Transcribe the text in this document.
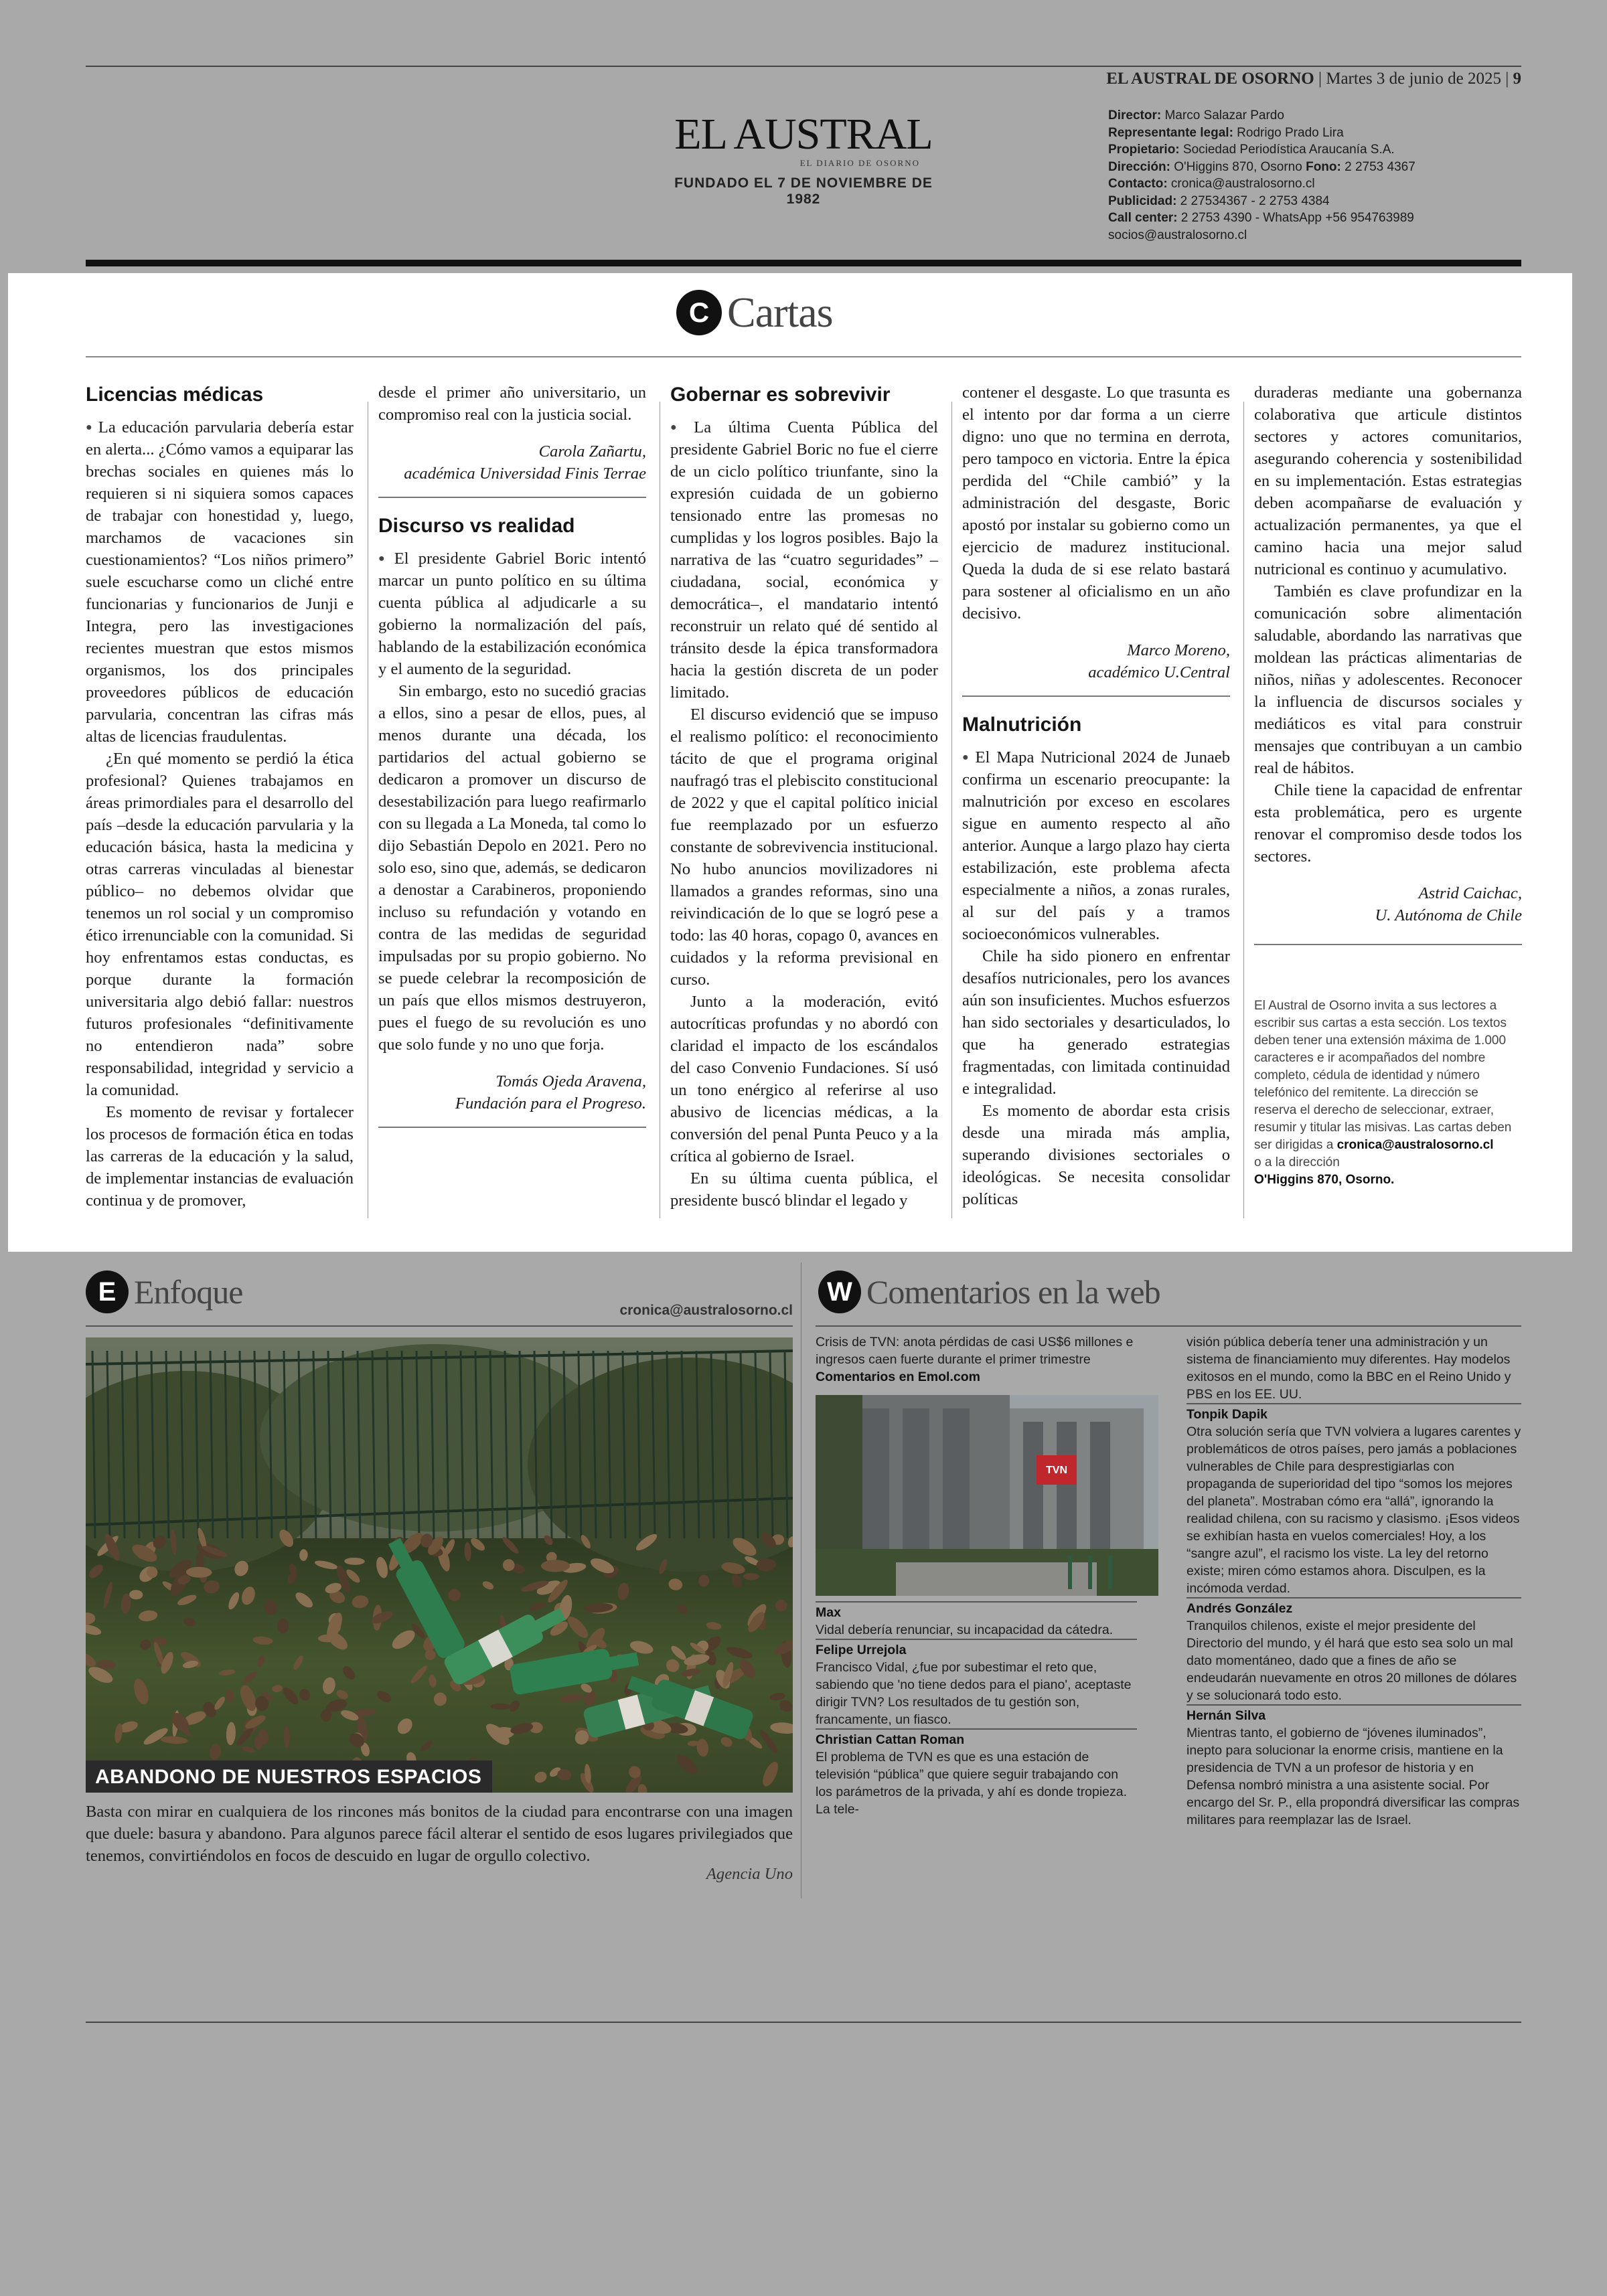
EL AUSTRAL DE OSORNO | Martes 3 de junio de 2025 | 9
EL AUSTRAL
EL DIARIO DE OSORNO
FUNDADO EL 7 DE NOVIEMBRE DE 1982
Director: Marco Salazar Pardo
Representante legal: Rodrigo Prado Lira
Propietario: Sociedad Periodística Araucanía S.A.
Dirección: O'Higgins 870, Osorno Fono: 2 2753 4367
Contacto: cronica@australosorno.cl
Publicidad: 2 27534367 - 2 2753 4384
Call center: 2 2753 4390 - WhatsApp +56 954763989
socios@australosorno.cl
C Cartas
Licencias médicas

● La educación parvularia debería estar en alerta... ¿Cómo vamos a equiparar las brechas sociales en quienes más lo requieren si ni siquiera somos capaces de trabajar con honestidad y, luego, marchamos de vacaciones sin cuestionamientos? “Los niños primero” suele escucharse como un cliché entre funcionarias y funcionarios de Junji e Integra, pero las investigaciones recientes muestran que estos mismos organismos, los dos principales proveedores públicos de educación parvularia, concentran las cifras más altas de licencias fraudulentas.

¿En qué momento se perdió la ética profesional? Quienes trabajamos en áreas primordiales para el desarrollo del país –desde la educación parvularia y la educación básica, hasta la medicina y otras carreras vinculadas al bienestar público– no debemos olvidar que tenemos un rol social y un compromiso ético irrenunciable con la comunidad. Si hoy enfrentamos estas conductas, es porque durante la formación universitaria algo debió fallar: nuestros futuros profesionales “definitivamente no entendieron nada” sobre responsabilidad, integridad y servicio a la comunidad.

Es momento de revisar y fortalecer los procesos de formación ética en todas las carreras de la educación y la salud, de implementar instancias de evaluación continua y de promover,

desde el primer año universitario, un compromiso real con la justicia social.

Carola Zañartu,
académica Universidad Finis Terrae
Discurso vs realidad

● El presidente Gabriel Boric intentó marcar un punto político en su última cuenta pública al adjudicarle a su gobierno la normalización del país, hablando de la estabilización económica y el aumento de la seguridad.

Sin embargo, esto no sucedió gracias a ellos, sino a pesar de ellos, pues, al menos durante una década, los partidarios del actual gobierno se dedicaron a promover un discurso de desestabilización para luego reafirmarlo con su llegada a La Moneda, tal como lo dijo Sebastián Depolo en 2021. Pero no solo eso, sino que, además, se dedicaron a denostar a Carabineros, proponiendo incluso su refundación y votando en contra de las medidas de seguridad impulsadas por su propio gobierno. No se puede celebrar la recomposición de un país que ellos mismos destruyeron, pues el fuego de su revolución es uno que solo funde y no uno que forja.

Tomás Ojeda Aravena,
Fundación para el Progreso.
Gobernar es sobrevivir

● La última Cuenta Pública del presidente Gabriel Boric no fue el cierre de un ciclo político triunfante, sino la expresión cuidada de un gobierno tensionado entre las promesas no cumplidas y los logros posibles. Bajo la narrativa de las “cuatro seguridades” –ciudadana, social, económica y democrática–, el mandatario intentó reconstruir un relato qué dé sentido al tránsito desde la épica transformadora hacia la gestión discreta de un poder limitado.

El discurso evidenció que se impuso el realismo político: el reconocimiento tácito de que el programa original naufragó tras el plebiscito constitucional de 2022 y que el capital político inicial fue reemplazado por un esfuerzo constante de sobrevivencia institucional. No hubo anuncios movilizadores ni llamados a grandes reformas, sino una reivindicación de lo que se logró pese a todo: las 40 horas, copago 0, avances en cuidados y la reforma previsional en curso.

Junto a la moderación, evitó autocríticas profundas y no abordó con claridad el impacto de los escándalos del caso Convenio Fundaciones. Sí usó un tono enérgico al referirse al uso abusivo de licencias médicas, a la conversión del penal Punta Peuco y a la crítica al gobierno de Israel.

En su última cuenta pública, el presidente buscó blindar el legado y

contener el desgaste. Lo que trasunta es el intento por dar forma a un cierre digno: uno que no termina en derrota, pero tampoco en victoria. Entre la épica perdida del “Chile cambió” y la administración del desgaste, Boric apostó por instalar su gobierno como un ejercicio de madurez institucional. Queda la duda de si ese relato bastará para sostener al oficialismo en un año decisivo.

Marco Moreno,
académico U.Central
Malnutrición

● El Mapa Nutricional 2024 de Junaeb confirma un escenario preocupante: la malnutrición por exceso en escolares sigue en aumento respecto al año anterior. Aunque a largo plazo hay cierta estabilización, este problema afecta especialmente a niños, a zonas rurales, al sur del país y a tramos socioeconómicos vulnerables.

Chile ha sido pionero en enfrentar desafíos nutricionales, pero los avances aún son insuficientes. Muchos esfuerzos han sido sectoriales y desarticulados, lo que ha generado estrategias fragmentadas, con limitada continuidad e integralidad.

Es momento de abordar esta crisis desde una mirada más amplia, superando divisiones sectoriales o ideológicas. Se necesita consolidar políticas

duraderas mediante una gobernanza colaborativa que articule distintos sectores y actores comunitarios, asegurando coherencia y sostenibilidad en su implementación. Estas estrategias deben acompañarse de evaluación y actualización permanentes, ya que el camino hacia una mejor salud nutricional es continuo y acumulativo.

También es clave profundizar en la comunicación sobre alimentación saludable, abordando las narrativas que moldean las prácticas alimentarias de niños, niñas y adolescentes. Reconocer la influencia de discursos sociales y mediáticos es vital para construir mensajes que contribuyan a un cambio real de hábitos.

Chile tiene la capacidad de enfrentar esta problemática, pero es urgente renovar el compromiso desde todos los sectores.

Astrid Caichac,
U. Autónoma de Chile
El Austral de Osorno invita a sus lectores a escribir sus cartas a esta sección. Los textos deben tener una extensión máxima de 1.000 caracteres e ir acompañados del nombre completo, cédula de identidad y número telefónico del remitente. La dirección se reserva el derecho de seleccionar, extraer, resumir y titular las misivas. Las cartas deben ser dirigidas a cronica@australosorno.cl
o a la dirección
O'Higgins 870, Osorno.
E Enfoque	cronica@australosorno.cl
ABANDONO DE NUESTROS ESPACIOS
Basta con mirar en cualquiera de los rincones más bonitos de la ciudad para encontrarse con una imagen que duele: basura y abandono. Para algunos parece fácil alterar el sentido de esos lugares privilegiados que tenemos, convirtiéndolos en focos de descuido en lugar de orgullo colectivo.
Agencia Uno
W Comentarios en la web
Crisis de TVN: anota pérdidas de casi US$6 millones e ingresos caen fuerte durante el primer trimestre
Comentarios en Emol.com
TVN
Max
Vidal debería renunciar, su incapacidad da cátedra.
Felipe Urrejola
Francisco Vidal, ¿fue por subestimar el reto que, sabiendo que 'no tiene dedos para el piano', aceptaste dirigir TVN? Los resultados de tu gestión son, francamente, un fiasco.
Christian Cattan Roman
El problema de TVN es que es una estación de televisión “pública” que quiere seguir trabajando con los parámetros de la privada, y ahí es donde tropieza. La tele-
visión pública debería tener una administración y un sistema de financiamiento muy diferentes. Hay modelos exitosos en el mundo, como la BBC en el Reino Unido y PBS en los EE. UU.
Tonpik Dapik
Otra solución sería que TVN volviera a lugares carentes y problemáticos de otros países, pero jamás a poblaciones vulnerables de Chile para desprestigiarlas con propaganda de superioridad del tipo “somos los mejores del planeta”. Mostraban cómo era “allá”, ignorando la realidad chilena, con su racismo y clasismo. ¡Esos videos se exhibían hasta en vuelos comerciales! Hoy, a los “sangre azul”, el racismo los viste. La ley del retorno existe; miren cómo estamos ahora. Disculpen, es la incómoda verdad.
Andrés González
Tranquilos chilenos, existe el mejor presidente del Directorio del mundo, y él hará que esto sea solo un mal dato momentáneo, dado que a fines de año se endeudarán nuevamente en otros 20 millones de dólares y se solucionará todo esto.
Hernán Silva
Mientras tanto, el gobierno de “jóvenes iluminados”, inepto para solucionar la enorme crisis, mantiene en la presidencia de TVN a un profesor de historia y en Defensa nombró ministra a una asistente social. Por encargo del Sr. P., ella propondrá diversificar las compras militares para reemplazar las de Israel.
